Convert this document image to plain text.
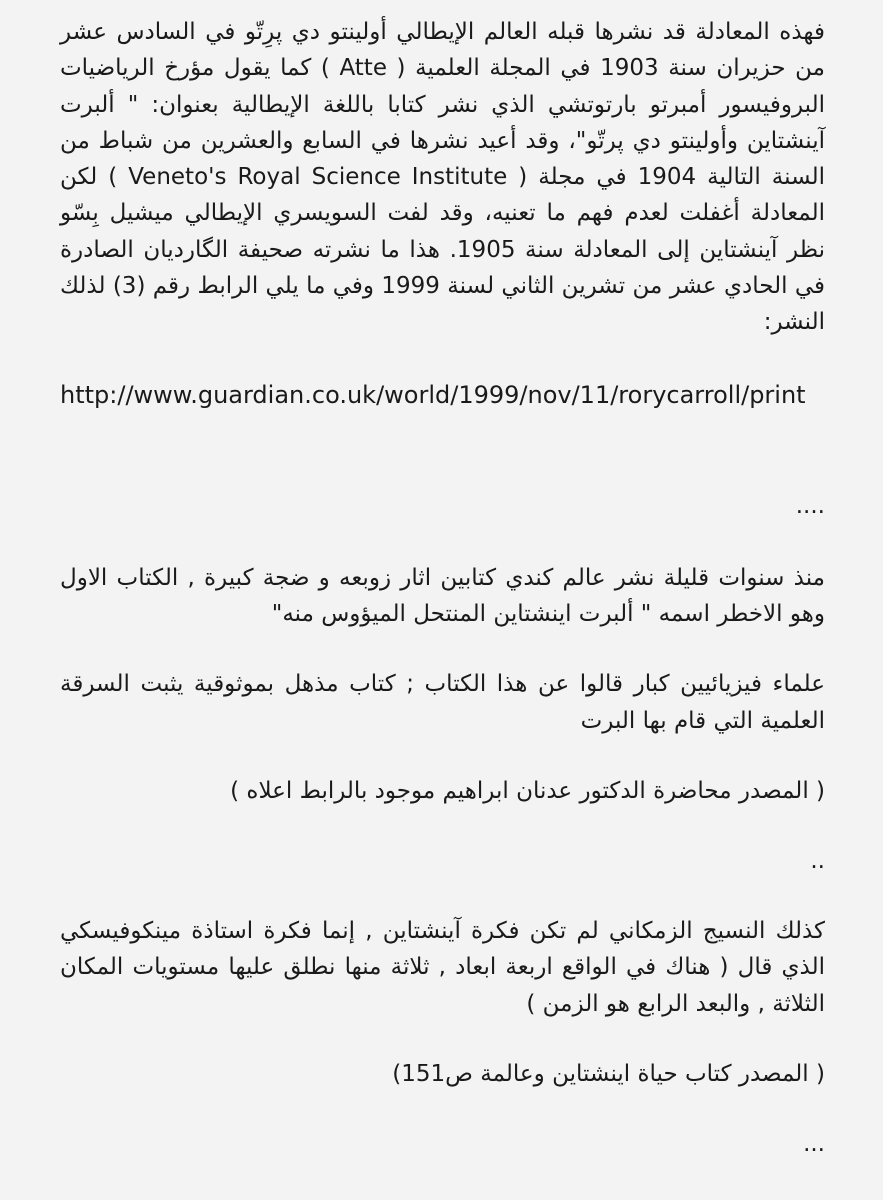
فهذه المعادلة قد نشرها قبله العالم الإيطالي أولينتو دي پرِتّو في السادس عشر من حزيران سنة 1903 في المجلة العلمية ( Atte ) كما يقول مؤرخ الرياضيات البروفيسور أمبرتو بارتوتشي الذي نشر كتابا باللغة الإيطالية بعنوان: " ألبرت آينشتاين وأولينتو دي پرتّو"، وقد أعيد نشرها في السابع والعشرين من شباط من السنة التالية 1904 في مجلة ( Veneto's Royal Science Institute ) لكن المعادلة أغفلت لعدم فهم ما تعنيه، وقد لفت السويسري الإيطالي ميشيل بِسّو نظر آينشتاين إلى المعادلة سنة 1905. هذا ما نشرته صحيفة الگارديان الصادرة في الحادي عشر من تشرين الثاني لسنة 1999 وفي ما يلي الرابط رقم (3) لذلك النشر:

http://www.guardian.co.uk/world/1999/nov/11/rorycarroll/print

....

منذ سنوات قليلة نشر عالم كندي كتابين اثار زوبعه و ضجة كبيرة , الكتاب الاول وهو الاخطر اسمه " ألبرت اينشتاين المنتحل الميؤوس منه"

علماء فيزيائيين كبار قالوا عن هذا الكتاب ; كتاب مذهل بموثوقية يثبت السرقة العلمية التي قام بها البرت

( المصدر محاضرة الدكتور عدنان ابراهيم موجود بالرابط اعلاه )

..

كذلك النسيج الزمكاني لم تكن فكرة آينشتاين , إنما فكرة استاذة مينكوفيسكي الذي قال ( هناك في الواقع اربعة ابعاد , ثلاثة منها نطلق عليها مستويات المكان الثلاثة , والبعد الرابع هو الزمن )

( المصدر كتاب حياة اينشتاين وعالمة ص151)

...
